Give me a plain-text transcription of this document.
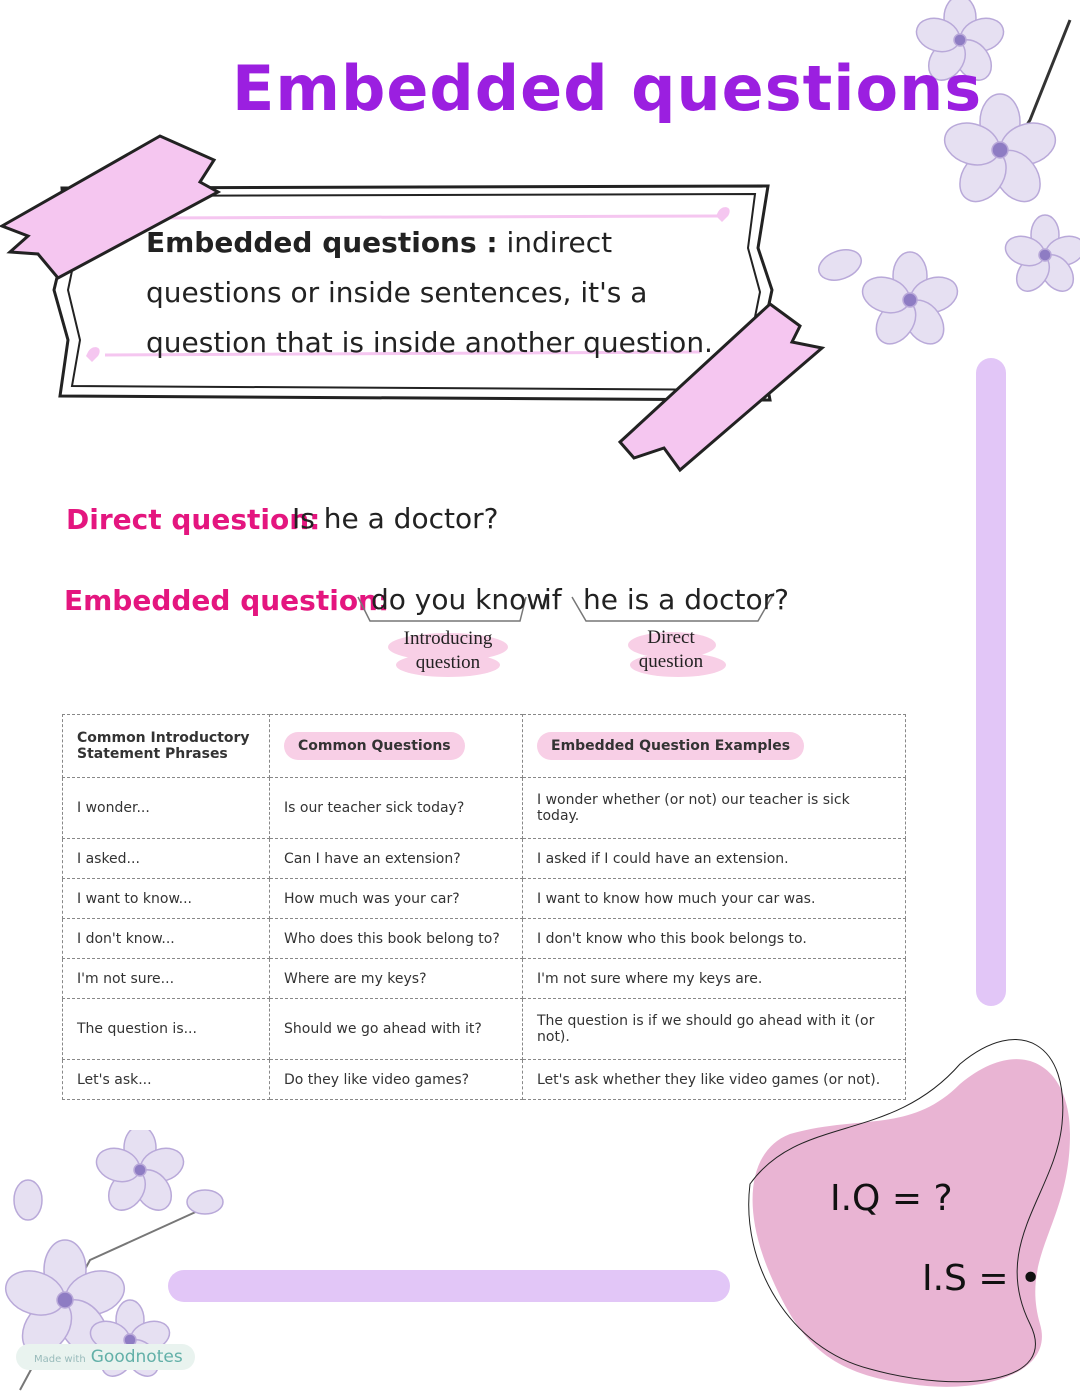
Embedded questions
Embedded questions : indirect questions or inside sentences, it's a question that is inside another question.
Direct question:
Is he a doctor?
Embedded question:
do you know
if he is a doctor?
Introducing
question
Direct
question
Common Introductory Statement Phrases	Common Questions	Embedded Question Examples
I wonder...	Is our teacher sick today?	I wonder whether (or not) our teacher is sick today.
I asked...	Can I have an extension?	I asked if I could have an extension.
I want to know...	How much was your car?	I want to know how much your car was.
I don't know...	Who does this book belong to?	I don't know who this book belongs to.
I'm not sure...	Where are my keys?	I'm not sure where my keys are.
The question is...	Should we go ahead with it?	The question is if we should go ahead with it (or not).
Let's ask...	Do they like video games?	Let's ask whether they like video games (or not).
I.Q = ?
I.S = •
Made with Goodnotes
